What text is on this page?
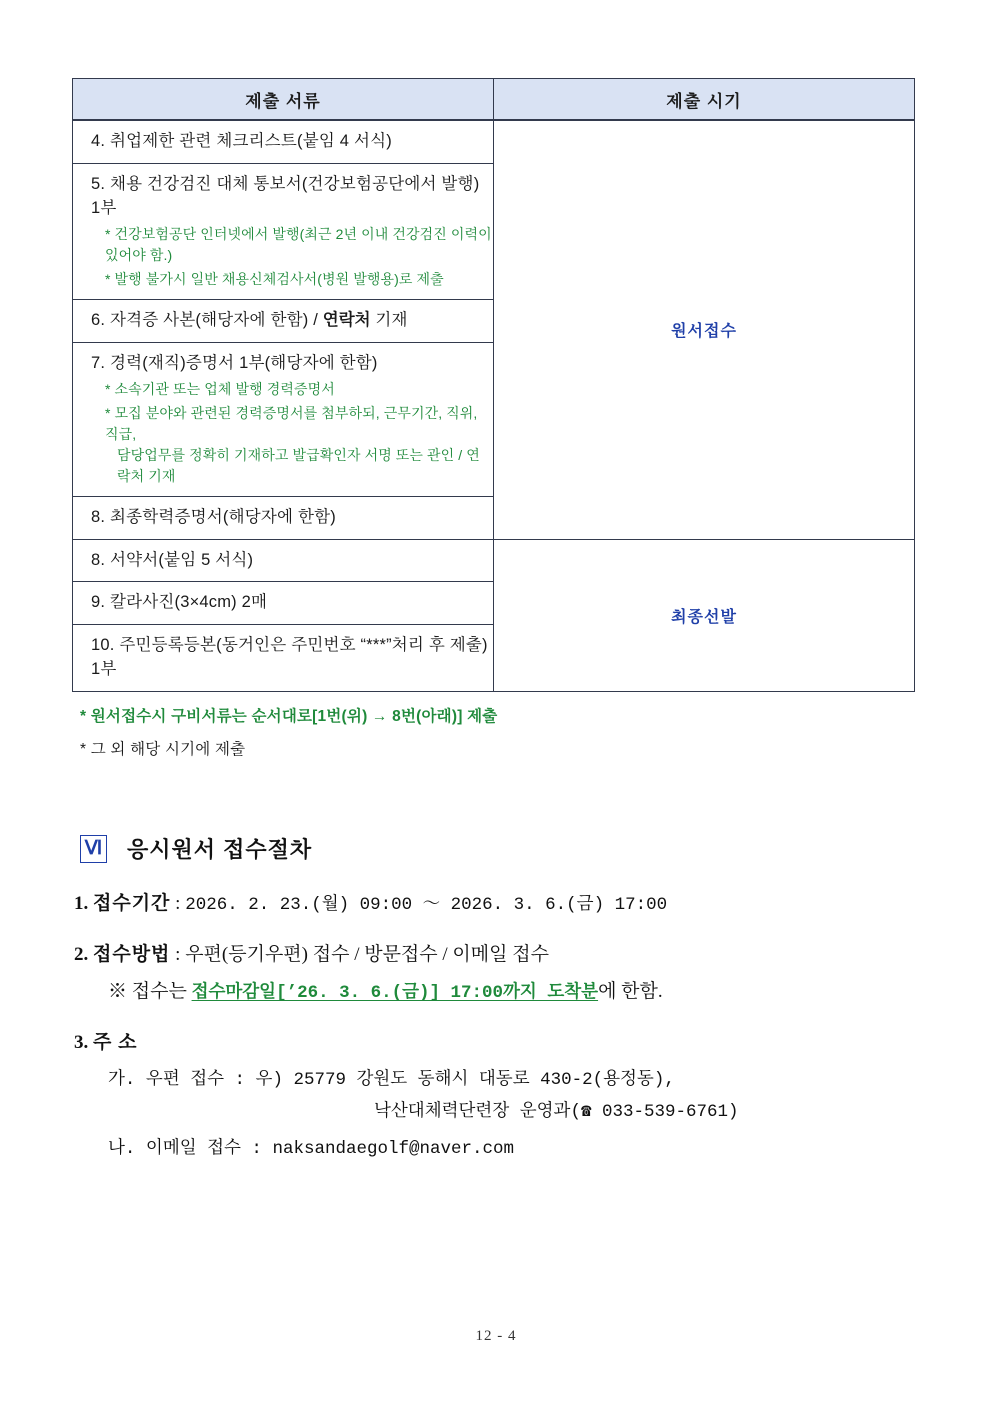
제출 서류	제출 시기
4. 취업제한 관련 체크리스트(붙임 4 서식)	원서접수
5. 채용 건강검진 대체 통보서(건강보험공단에서 발행) 1부
* 건강보험공단 인터넷에서 발행(최근 2년 이내 건강검진 이력이 있어야 함.)
* 발행 불가시 일반 채용신체검사서(병원 발행용)로 제출	

6. 자격증 사본(해당자에 한함) / 연락처 기재	
7. 경력(재직)증명서 1부(해당자에 한함)
* 소속기관 또는 업체 발행 경력증명서
* 모집 분야와 관련된 경력증명서를 첨부하되, 근무기간, 직위, 직급,
담당업무를 정확히 기재하고 발급확인자 서명 또는 관인 / 연락처 기재	

8. 최종학력증명서(해당자에 한함)	
8. 서약서(붙임 5 서식)	최종선발
9. 칼라사진(3×4cm) 2매	
10. 주민등록등본(동거인은 주민번호 “***”처리 후 제출) 1부	
* 원서접수시 구비서류는 순서대로[1번(위) → 8번(아래)] 제출
* 그 외 해당 시기에 제출
Ⅵ 응시원서 접수절차
1. 접수기간 : 2026. 2. 23.(월) 09:00 ～ 2026. 3. 6.(금) 17:00
2. 접수방법 : 우편(등기우편) 접수 / 방문접수 / 이메일 접수
※ 접수는 접수마감일[’26. 3. 6.(금)] 17:00까지 도착분에 한함.
3. 주 소
가. 우편 접수 : 우) 25779 강원도 동해시 대동로 430-2(용정동),
낙산대체력단련장 운영과(☎ 033-539-6761)
나. 이메일 접수 : naksandaegolf@naver.com
12 - 4
